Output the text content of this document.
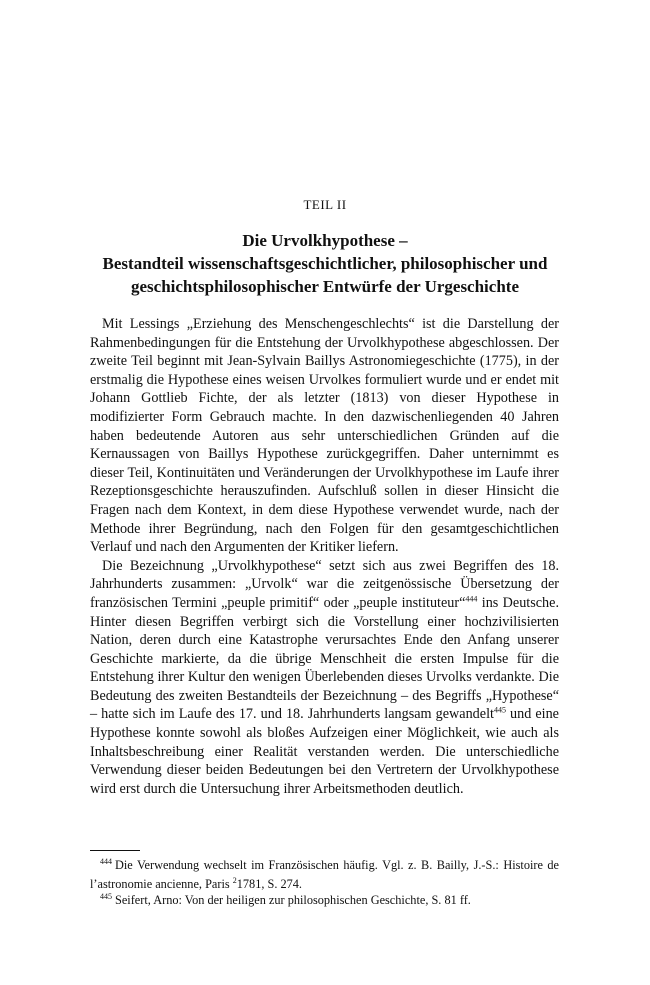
TEIL II
Die Urvolkhypothese –
Bestandteil wissenschaftsgeschichtlicher, philosophischer und
geschichtsphilosophischer Entwürfe der Urgeschichte

Mit Lessings „Erziehung des Menschengeschlechts“ ist die Darstellung der Rahmenbedingungen für die Entstehung der Urvolkhypothese abgeschlossen. Der zweite Teil beginnt mit Jean-Sylvain Baillys Astronomiegeschichte (1775), in der erstmalig die Hypothese eines weisen Urvolkes formuliert wurde und er endet mit Johann Gottlieb Fichte, der als letzter (1813) von dieser Hypothese in modifizierter Form Gebrauch machte. In den dazwischenliegenden 40 Jahren haben bedeutende Autoren aus sehr unterschiedlichen Gründen auf die Kernaussagen von Baillys Hypothese zurückgegriffen. Daher unternimmt es dieser Teil, Kontinuitäten und Veränderungen der Urvolkhypothese im Laufe ihrer Rezeptionsgeschichte herauszufinden. Aufschluß sollen in dieser Hinsicht die Fragen nach dem Kontext, in dem diese Hypothese verwendet wurde, nach der Methode ihrer Begründung, nach den Folgen für den gesamtgeschichtlichen Verlauf und nach den Argumenten der Kritiker liefern.

Die Bezeichnung „Urvolkhypothese“ setzt sich aus zwei Begriffen des 18. Jahrhunderts zusammen: „Urvolk“ war die zeitgenössische Übersetzung der französischen Termini „peuple primitif“ oder „peuple instituteur“$^{444}$ ins Deutsche. Hinter diesen Begriffen verbirgt sich die Vorstellung einer hochzivilisierten Nation, deren durch eine Katastrophe verursachtes Ende den Anfang unserer Geschichte markierte, da die übrige Menschheit die ersten Impulse für die Entstehung ihrer Kultur den wenigen Überlebenden dieses Urvolks verdankte. Die Bedeutung des zweiten Bestandteils der Bezeichnung – des Begriffs „Hypothese“ – hatte sich im Laufe des 17. und 18. Jahrhunderts langsam gewandelt$^{445}$ und eine Hypothese konnte sowohl als bloßes Aufzeigen einer Möglichkeit, wie auch als Inhaltsbeschreibung einer Realität verstanden werden. Die unterschiedliche Verwendung dieser beiden Bedeutungen bei den Vertretern der Urvolkhypothese wird erst durch die Untersuchung ihrer Arbeitsmethoden deutlich.

$^{444}$ Die Verwendung wechselt im Französischen häufig. Vgl. z. B. Bailly, J.-S.: Histoire de l’astronomie ancienne, Paris $^2$1781, S. 274.

$^{445}$ Seifert, Arno: Von der heiligen zur philosophischen Geschichte, S. 81 ff.
